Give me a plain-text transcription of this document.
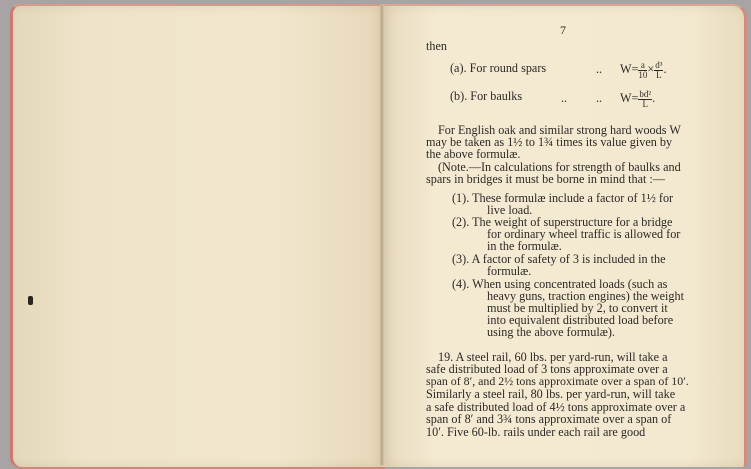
7
then
(a). For round spars	.. $W= \frac{a}{10} \times \frac{\text{d³}}{L}$ .
(b). For baulks	.. .. $W= \frac{\text{bd²}}{L}$ .
For English oak and similar strong hard woods W
may be taken as 1½ to 1¾ times its value given by
the above formulæ.
(Note.—In calculations for strength of baulks and
spars in bridges it must be borne in mind that :—
(1). These formulæ include a factor of 1½ for
live load.
(2). The weight of superstructure for a bridge
for ordinary wheel traffic is allowed for
in the formulæ.
(3). A factor of safety of 3 is included in the
formulæ.
(4). When using concentrated loads (such as
heavy guns, traction engines) the weight
must be multiplied by 2, to convert it
into equivalent distributed load before
using the above formulæ).
19. A steel rail, 60 lbs. per yard-run, will take a
safe distributed load of 3 tons approximate over a
span of 8′, and 2½ tons approximate over a span of 10′.
Similarly a steel rail, 80 lbs. per yard-run, will take
a safe distributed load of 4½ tons approximate over a
span of 8′ and 3¾ tons approximate over a span of
10′. Five 60-lb. rails under each rail are good
